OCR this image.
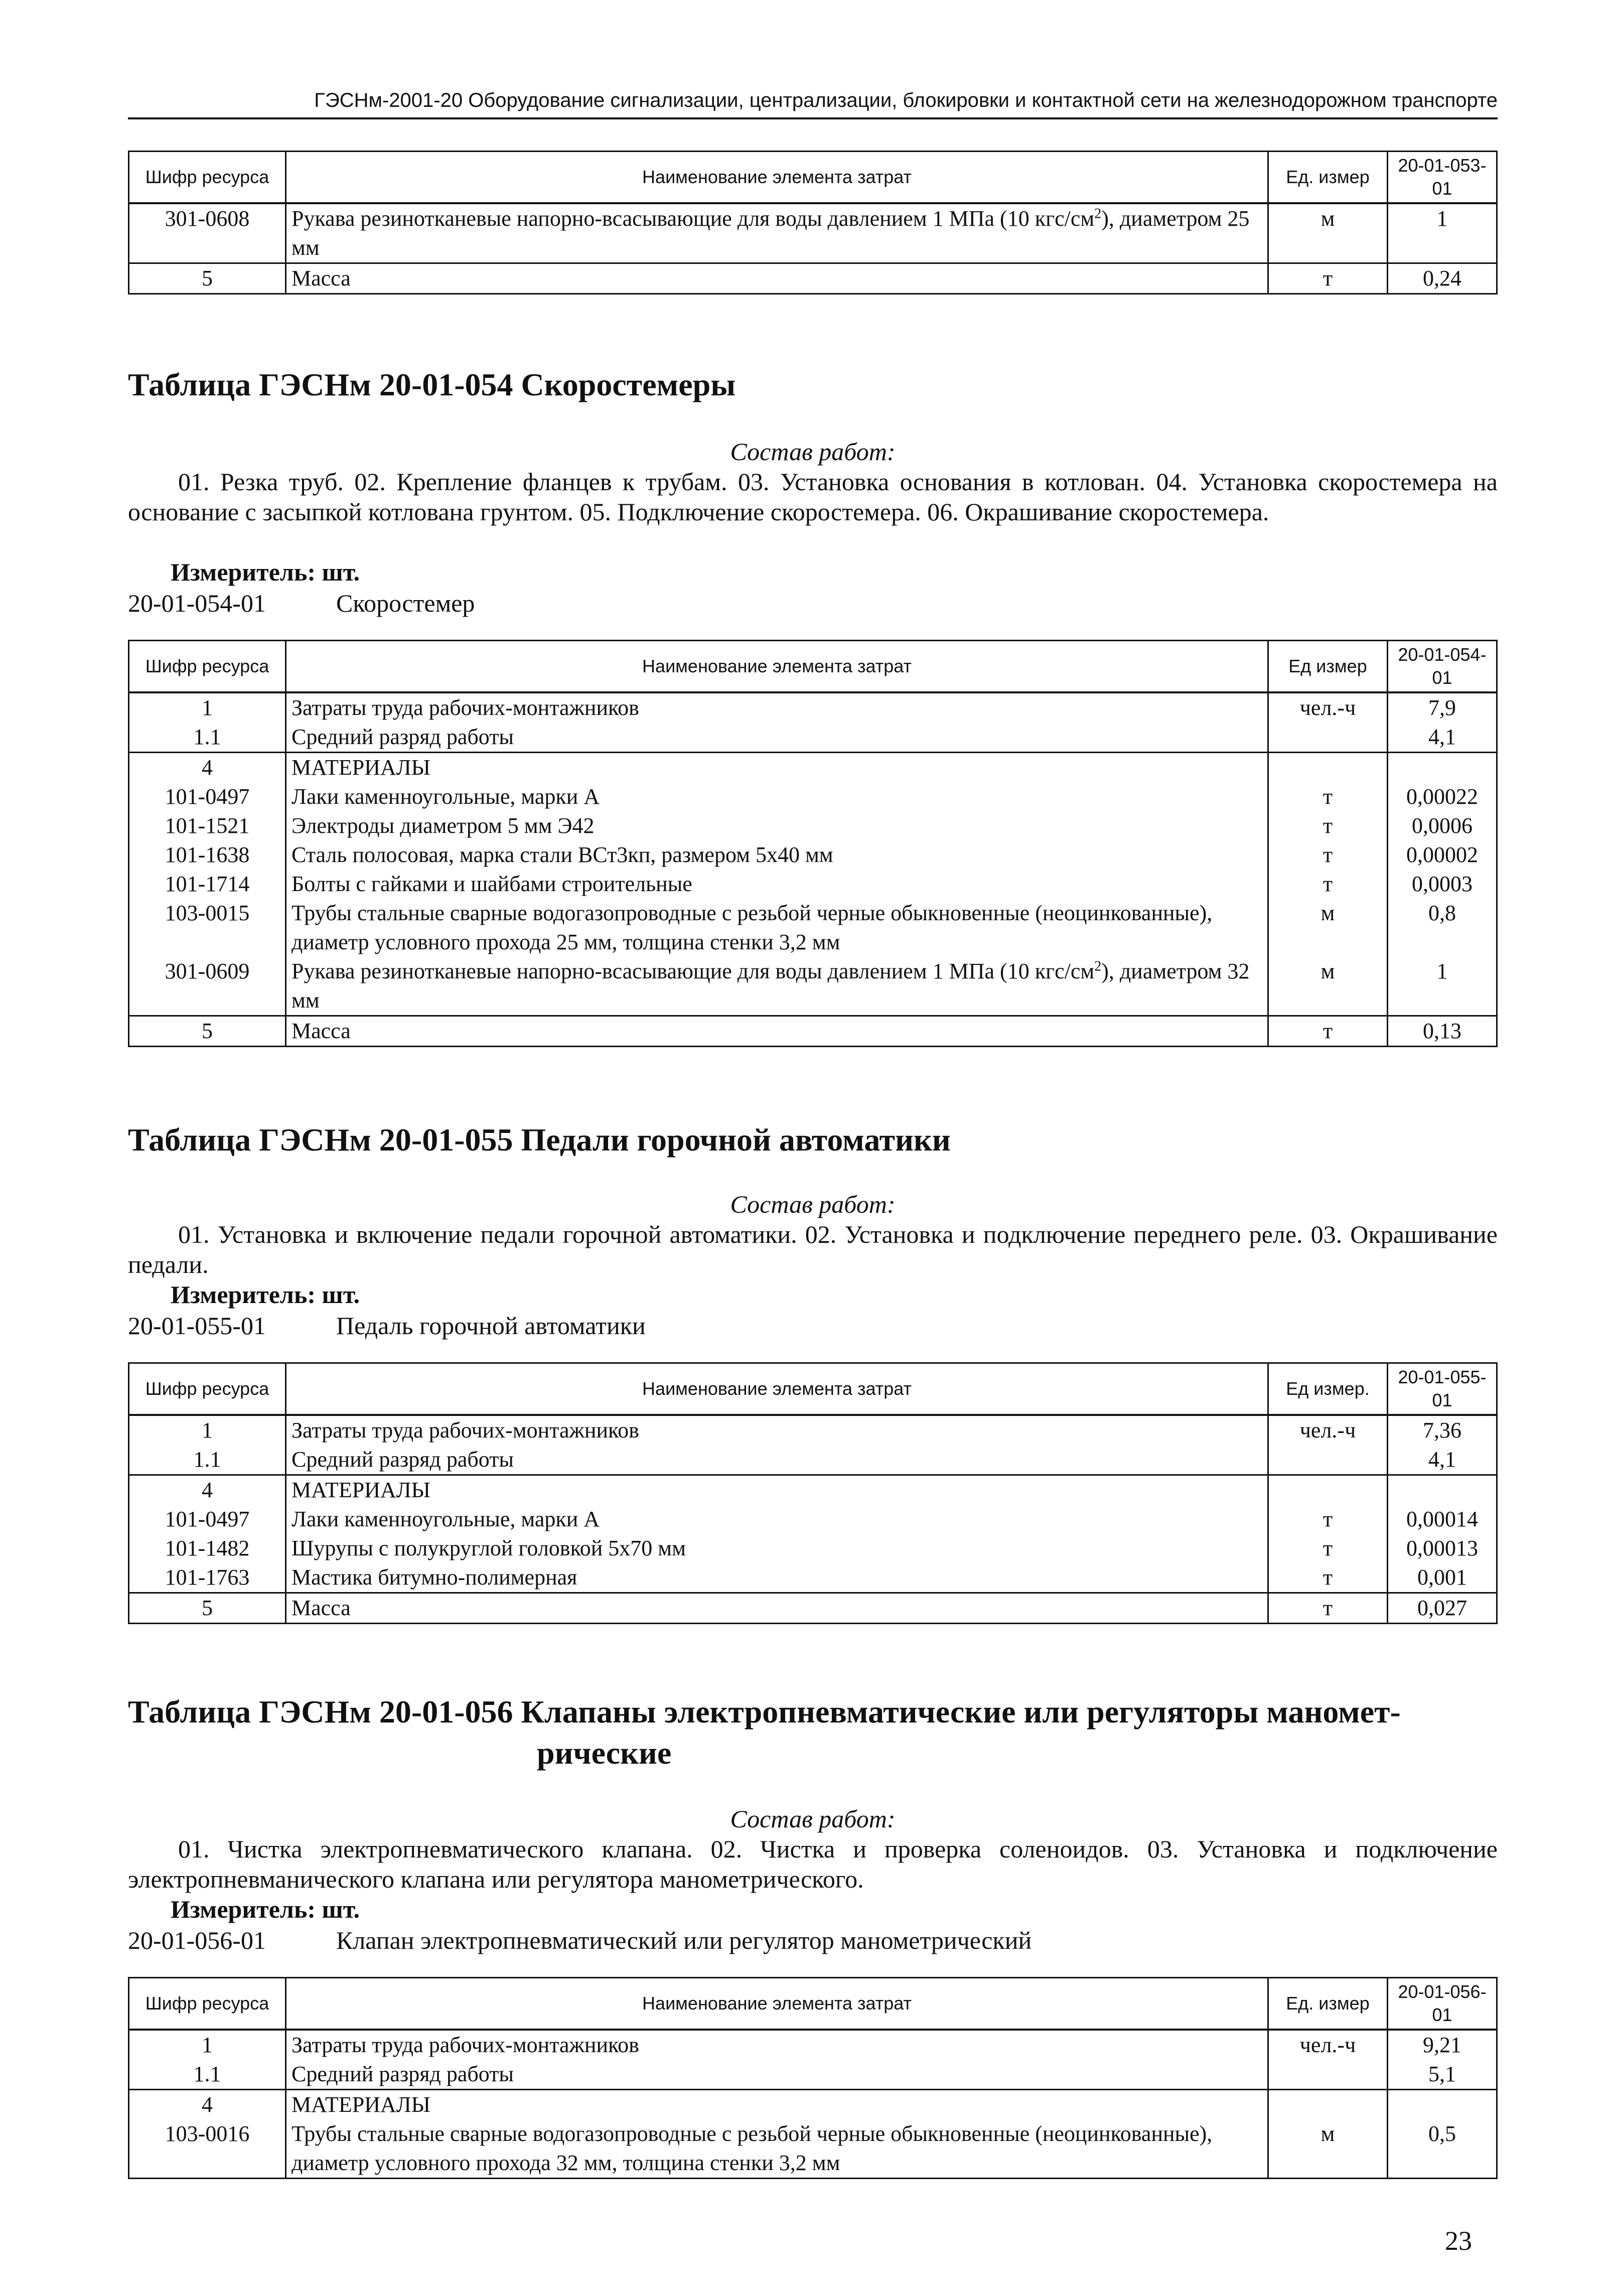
ГЭСНм-2001-20 Оборудование сигнализации, централизации, блокировки и контактной сети на железнодорожном транспорте
Шифр ресурса	Наименование элемента затрат	Ед. измер	20-01-053-01
301-0608	Рукава резинотканевые напорно-всасывающие для воды давлением 1 МПа (10 кгс/$см^2$), диаметром 25 мм	м	1
5	Масса	т	0,24
Таблица ГЭСНм 20-01-054 Скоростемеры
Состав работ:
01. Резка труб. 02. Крепление фланцев к трубам. 03. Установка основания в котлован. 04. Установка скоростемера на основание с засыпкой котлована грунтом. 05. Подключение скоростемера. 06. Окрашивание скоростемера.
Измеритель: шт.
20-01-054-01	Скоростемер
Шифр ресурса	Наименование элемента затрат	Ед измер	20-01-054-01
1	Затраты труда рабочих-монтажников	чел.-ч	7,9
1.1	Средний разряд работы		4,1
4	МАТЕРИАЛЫ		
101-0497	Лаки каменноугольные, марки А	т	0,00022
101-1521	Электроды диаметром 5 мм Э42	т	0,0006
101-1638	Сталь полосовая, марка стали ВСт3кп, размером 5х40 мм	т	0,00002
101-1714	Болты с гайками и шайбами строительные	т	0,0003
103-0015	Трубы стальные сварные водогазопроводные с резьбой черные обыкновенные (неоцинкованные), диаметр условного прохода 25 мм, толщина стенки 3,2 мм	м	0,8
301-0609	Рукава резинотканевые напорно-всасывающие для воды давлением 1 МПа (10 кгс/$см^2$), диаметром 32 мм	м	1
5	Масса	т	0,13
Таблица ГЭСНм 20-01-055 Педали горочной автоматики
Состав работ:
01. Установка и включение педали горочной автоматики. 02. Установка и подключение переднего реле. 03. Окрашивание педали.
Измеритель: шт.
20-01-055-01	Педаль горочной автоматики
Шифр ресурса	Наименование элемента затрат	Ед измер.	20-01-055-01
1	Затраты труда рабочих-монтажников	чел.-ч	7,36
1.1	Средний разряд работы		4,1
4	МАТЕРИАЛЫ		
101-0497	Лаки каменноугольные, марки А	т	0,00014
101-1482	Шурупы с полукруглой головкой 5х70 мм	т	0,00013
101-1763	Мастика битумно-полимерная	т	0,001
5	Масса	т	0,027
Таблица ГЭСНм 20-01-056 Клапаны электропневматические или регуляторы маномет-
рические
Состав работ:
01. Чистка электропневматического клапана. 02. Чистка и проверка соленоидов. 03. Установка и подключение электропневманического клапана или регулятора манометрического.
Измеритель: шт.
20-01-056-01	Клапан электропневматический или регулятор манометрический
Шифр ресурса	Наименование элемента затрат	Ед. измер	20-01-056-01
1	Затраты труда рабочих-монтажников	чел.-ч	9,21
1.1	Средний разряд работы		5,1
4	МАТЕРИАЛЫ		
103-0016	Трубы стальные сварные водогазопроводные с резьбой черные обыкновенные (неоцинкованные), диаметр условного прохода 32 мм, толщина стенки 3,2 мм	м	0,5
23
